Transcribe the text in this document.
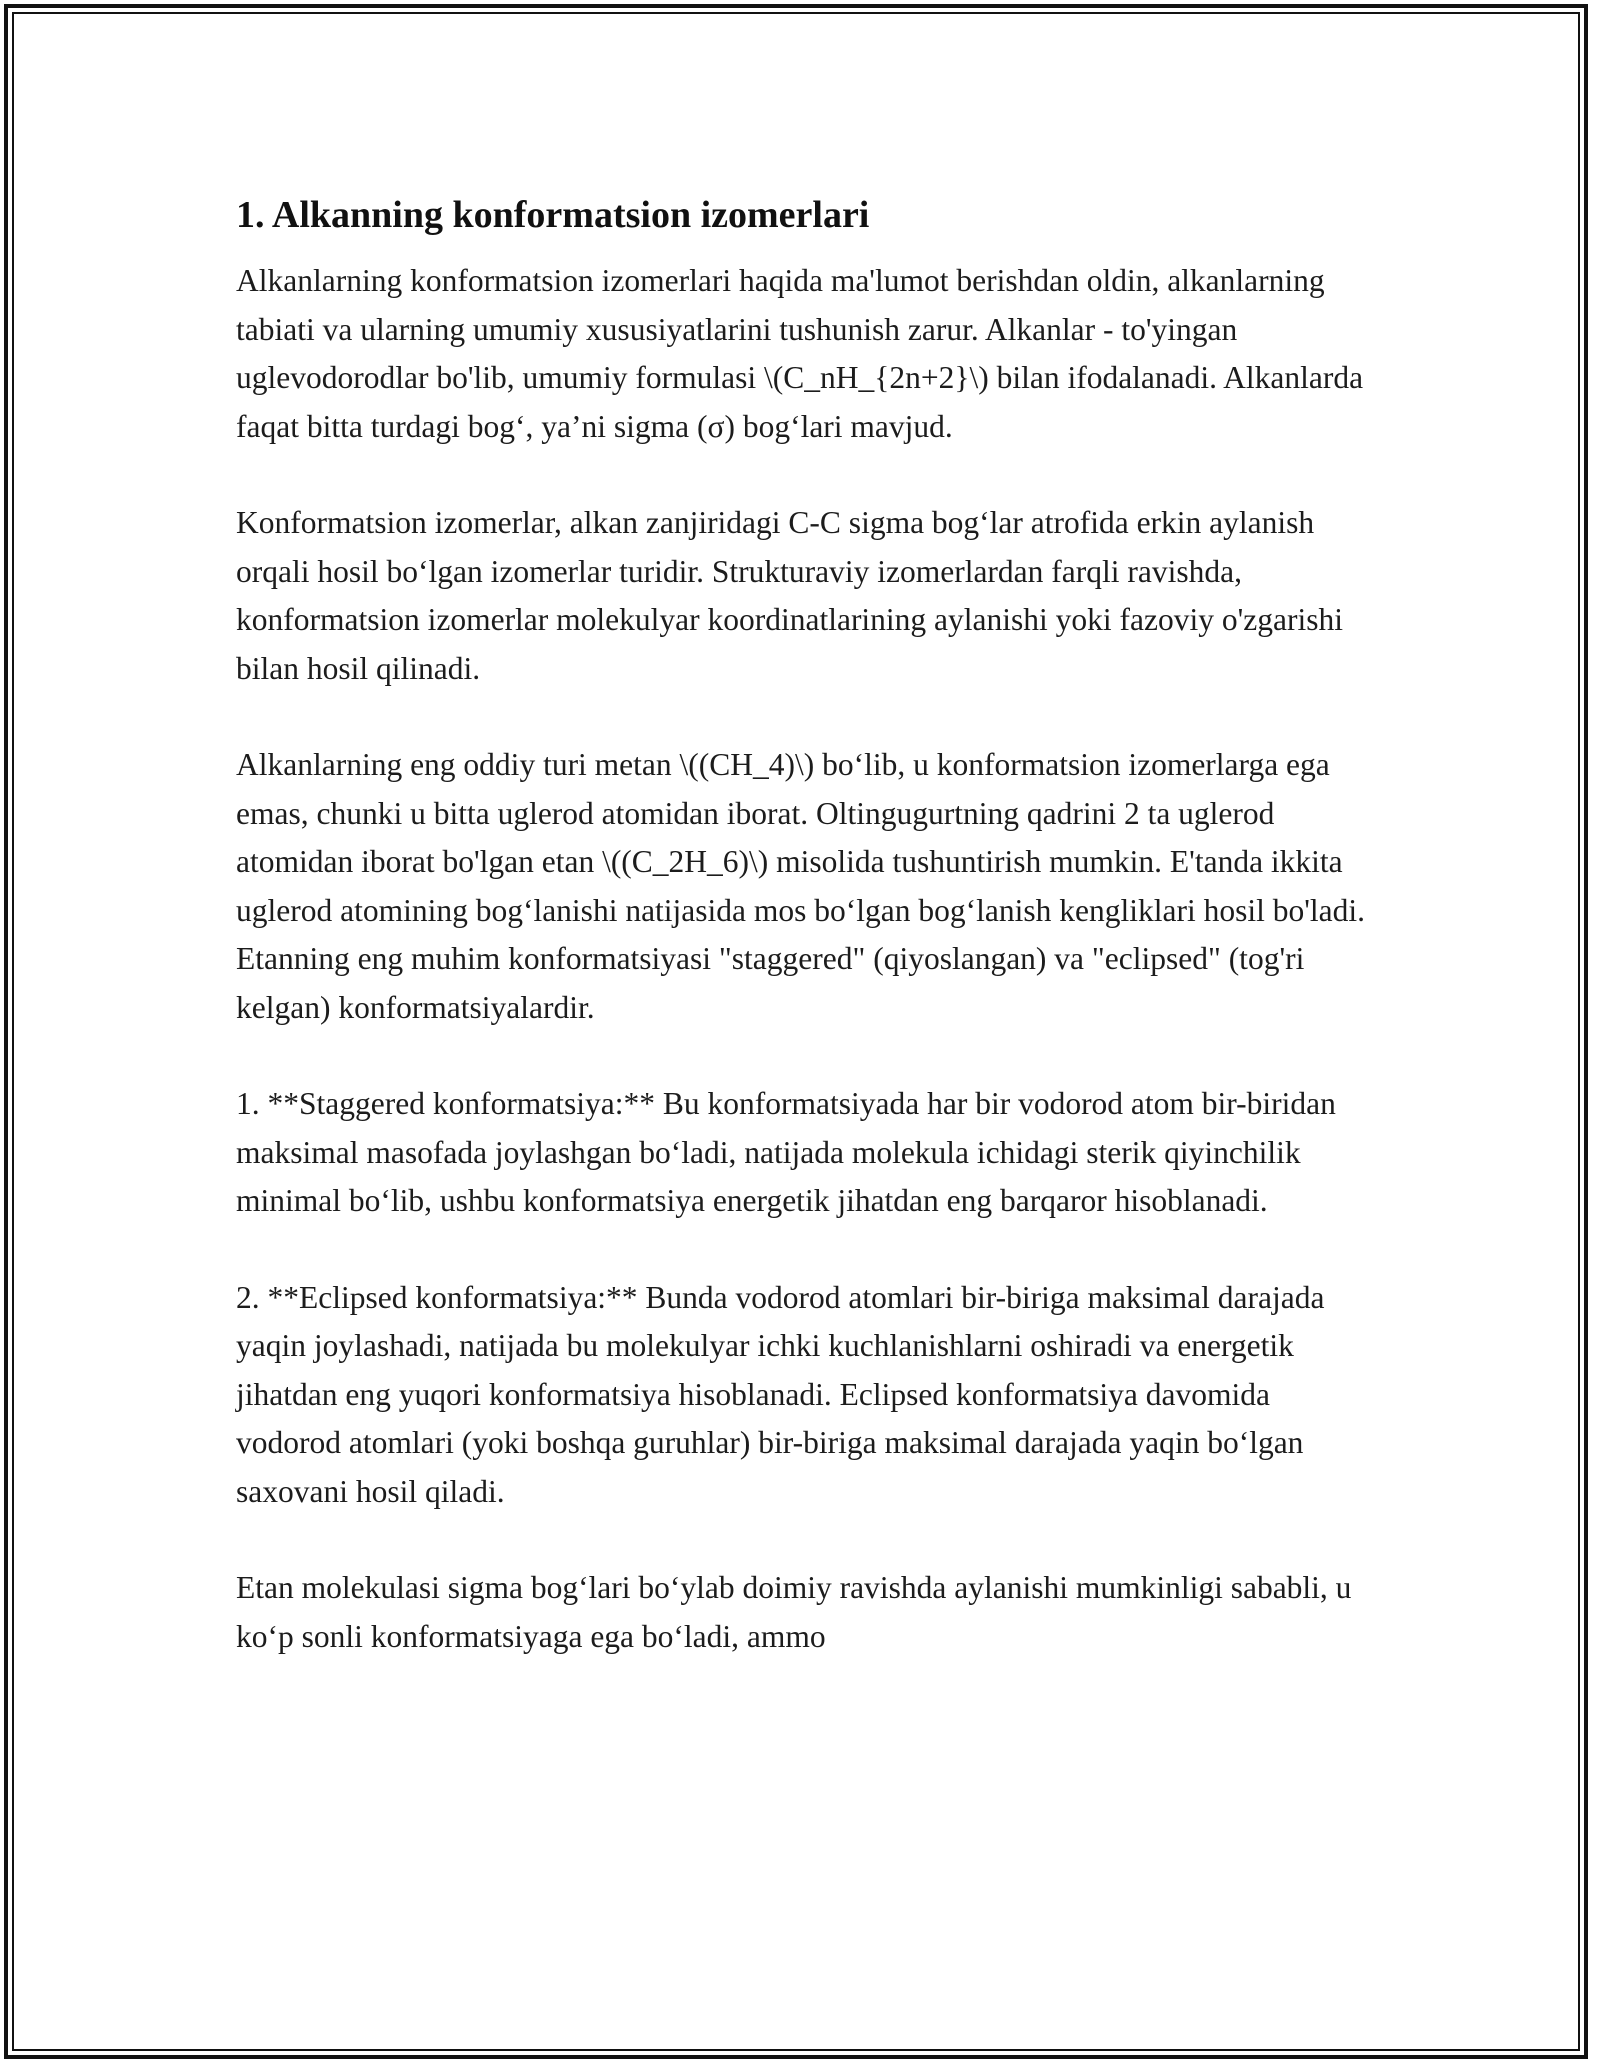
1. Alkanning konformatsion izomerlari

Alkanlarning konformatsion izomerlari haqida ma'lumot berishdan oldin, alkanlarning tabiati va ularning umumiy xususiyatlarini tushunish zarur. Alkanlar - to'yingan uglevodorodlar bo'lib, umumiy formulasi \(C_nH_{2n+2}\) bilan ifodalanadi. Alkanlarda faqat bitta turdagi bog‘, ya’ni sigma (σ) bog‘lari mavjud.

Konformatsion izomerlar, alkan zanjiridagi C-C sigma bog‘lar atrofida erkin aylanish orqali hosil bo‘lgan izomerlar turidir. Strukturaviy izomerlardan farqli ravishda, konformatsion izomerlar molekulyar koordinatlarining aylanishi yoki fazoviy o'zgarishi bilan hosil qilinadi.

Alkanlarning eng oddiy turi metan \((CH_4)\) bo‘lib, u konformatsion izomerlarga ega emas, chunki u bitta uglerod atomidan iborat. Oltingugurtning qadrini 2 ta uglerod atomidan iborat bo'lgan etan \((C_2H_6)\) misolida tushuntirish mumkin. E'tanda ikkita uglerod atomining bog‘lanishi natijasida mos bo‘lgan bog‘lanish kengliklari hosil bo'ladi. Etanning eng muhim konformatsiyasi "staggered" (qiyoslangan) va "eclipsed" (tog'ri kelgan) konformatsiyalardir.

1. **Staggered konformatsiya:** Bu konformatsiyada har bir vodorod atom bir-biridan maksimal masofada joylashgan bo‘ladi, natijada molekula ichidagi sterik qiyinchilik minimal bo‘lib, ushbu konformatsiya energetik jihatdan eng barqaror hisoblanadi.

2. **Eclipsed konformatsiya:** Bunda vodorod atomlari bir-biriga maksimal darajada yaqin joylashadi, natijada bu molekulyar ichki kuchlanishlarni oshiradi va energetik jihatdan eng yuqori konformatsiya hisoblanadi. Eclipsed konformatsiya davomida vodorod atomlari (yoki boshqa guruhlar) bir-biriga maksimal darajada yaqin bo‘lgan saxovani hosil qiladi.

Etan molekulasi sigma bog‘lari bo‘ylab doimiy ravishda aylanishi mumkinligi sababli, u ko‘p sonli konformatsiyaga ega bo‘ladi, ammo
